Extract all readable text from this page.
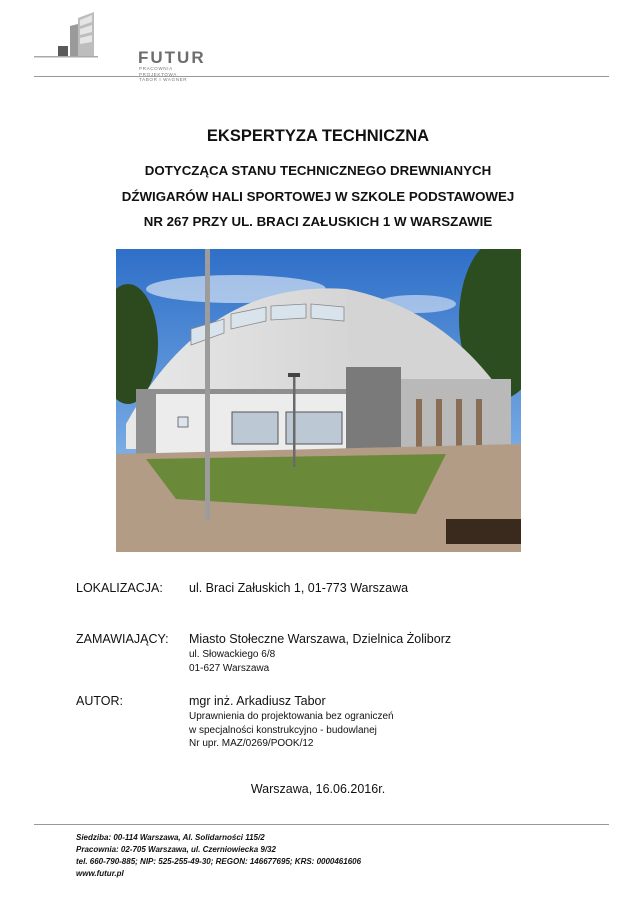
FUTUR
PRACOWNIA PROJEKTOWA
TABOR I WAGNER
EKSPERTYZA TECHNICZNA
DOTYCZĄCA STANU TECHNICZNEGO DREWNIANYCH
DŹWIGARÓW HALI SPORTOWEJ W SZKOLE PODSTAWOWEJ
NR 267 PRZY UL. BRACI ZAŁUSKICH 1 W WARSZAWIE
LOKALIZACJA: ul. Braci Załuskich 1, 01-773 Warszawa
ZAMAWIAJĄCY: Miasto Stołeczne Warszawa, Dzielnica Żoliborz
ul. Słowackiego 6/8
01-627 Warszawa
AUTOR:	mgr inż. Arkadiusz Tabor
Uprawnienia do projektowania bez ograniczeń
w specjalności konstrukcyjno - budowlanej
Nr upr. MAZ/0269/POOK/12
Warszawa, 16.06.2016r.
Siedziba: 00-114 Warszawa, Al. Solidarności 115/2
Pracownia: 02-705 Warszawa, ul. Czerniowiecka 9/32
tel. 660-790-885; NIP: 525-255-49-30; REGON: 146677695; KRS: 0000461606
www.futur.pl
